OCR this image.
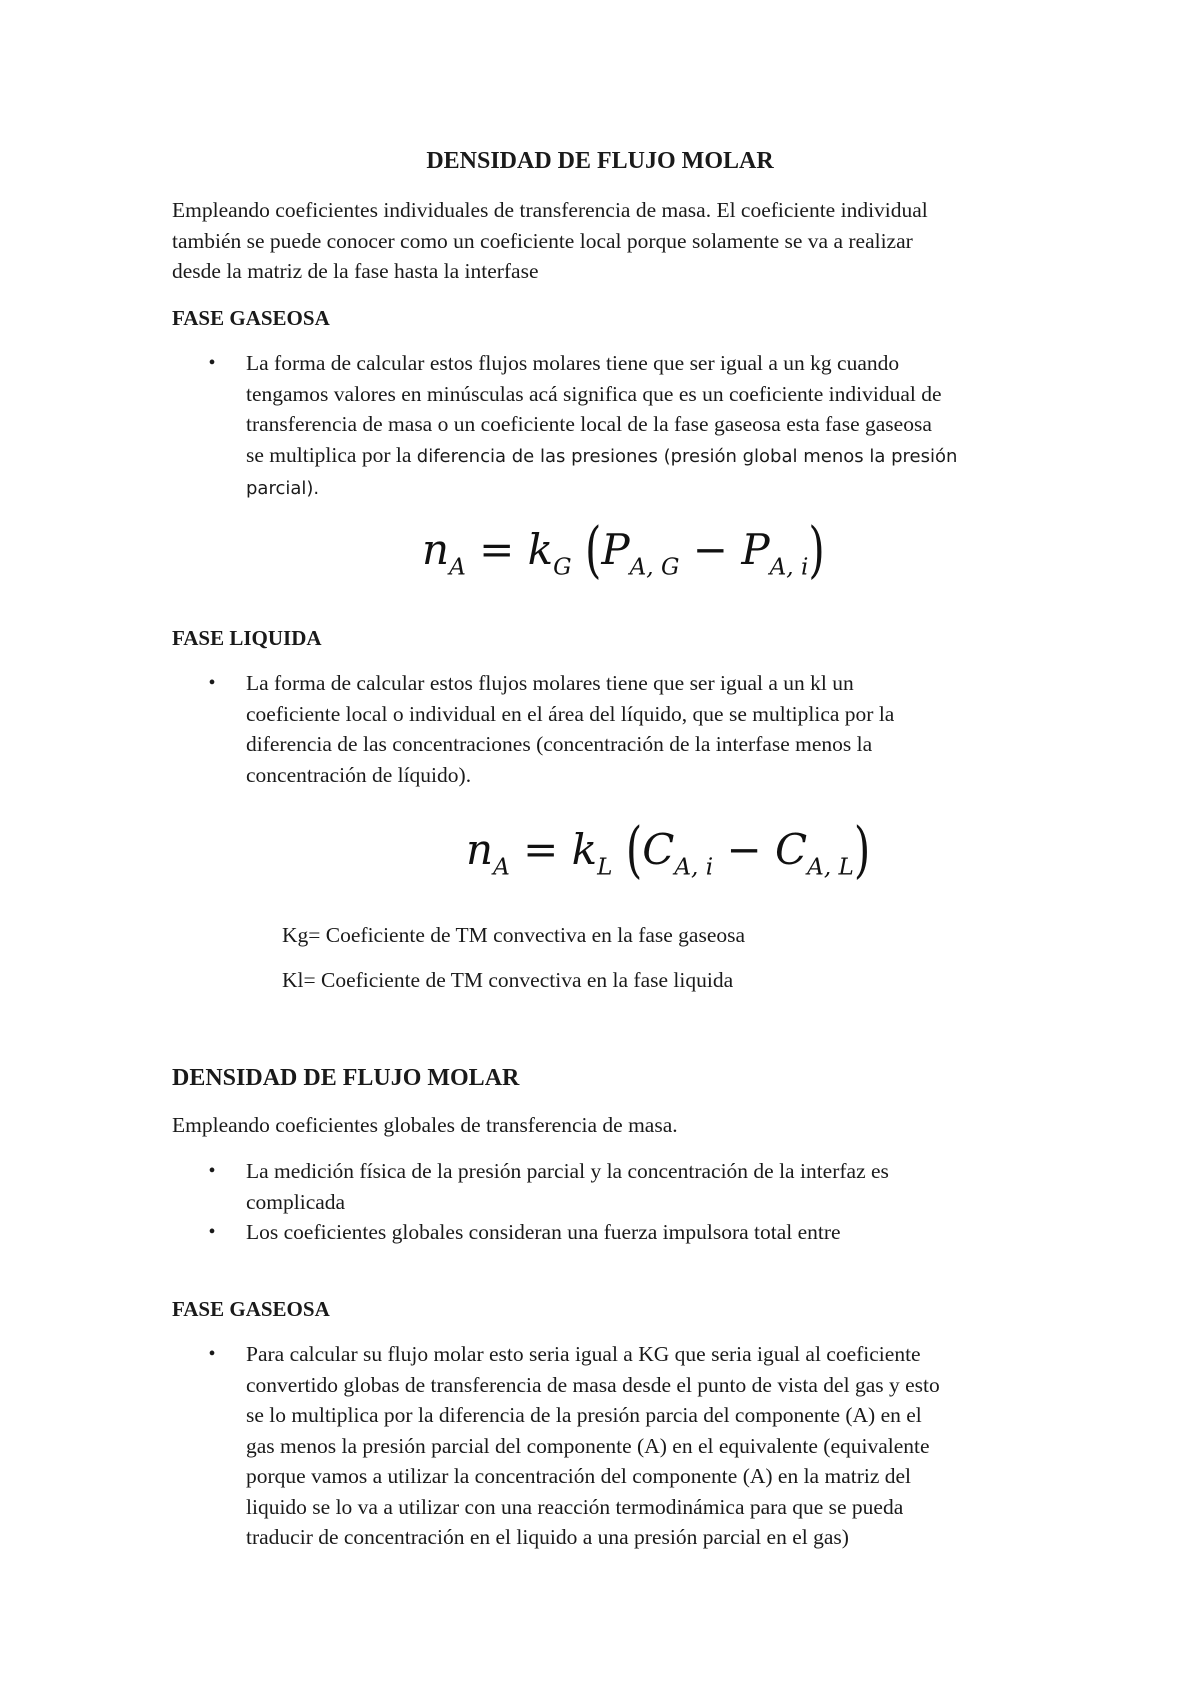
DENSIDAD DE FLUJO MOLAR
Empleando coeficientes individuales de transferencia de masa. El coeficiente individual
también se puede conocer como un coeficiente local porque solamente se va a realizar
desde la matriz de la fase hasta la interfase
FASE GASEOSA
•	La forma de calcular estos flujos molares tiene que ser igual a un kg cuando
tengamos valores en minúsculas acá significa que es un coeficiente individual de
transferencia de masa o un coeficiente local de la fase gaseosa esta fase gaseosa
se multiplica por la diferencia de las presiones (presión global menos la presión
parcial).
$n_A = k_G$ $(P_{A, G} - P_{A, i})$
FASE LIQUIDA
•	La forma de calcular estos flujos molares tiene que ser igual a un kl un
coeficiente local o individual en el área del líquido, que se multiplica por la
diferencia de las concentraciones (concentración de la interfase menos la
concentración de líquido).
$n_A = k_L$ $(C_{A, i} - C_{A, L})$
Kg= Coeficiente de TM convectiva en la fase gaseosa
Kl= Coeficiente de TM convectiva en la fase liquida
DENSIDAD DE FLUJO MOLAR
Empleando coeficientes globales de transferencia de masa.
•	La medición física de la presión parcial y la concentración de la interfaz es
complicada
•	Los coeficientes globales consideran una fuerza impulsora total entre
FASE GASEOSA
•	Para calcular su flujo molar esto seria igual a KG que seria igual al coeficiente
convertido globas de transferencia de masa desde el punto de vista del gas y esto
se lo multiplica por la diferencia de la presión parcia del componente (A) en el
gas menos la presión parcial del componente (A) en el equivalente (equivalente
porque vamos a utilizar la concentración del componente (A) en la matriz del
liquido se lo va a utilizar con una reacción termodinámica para que se pueda
traducir de concentración en el liquido a una presión parcial en el gas)
